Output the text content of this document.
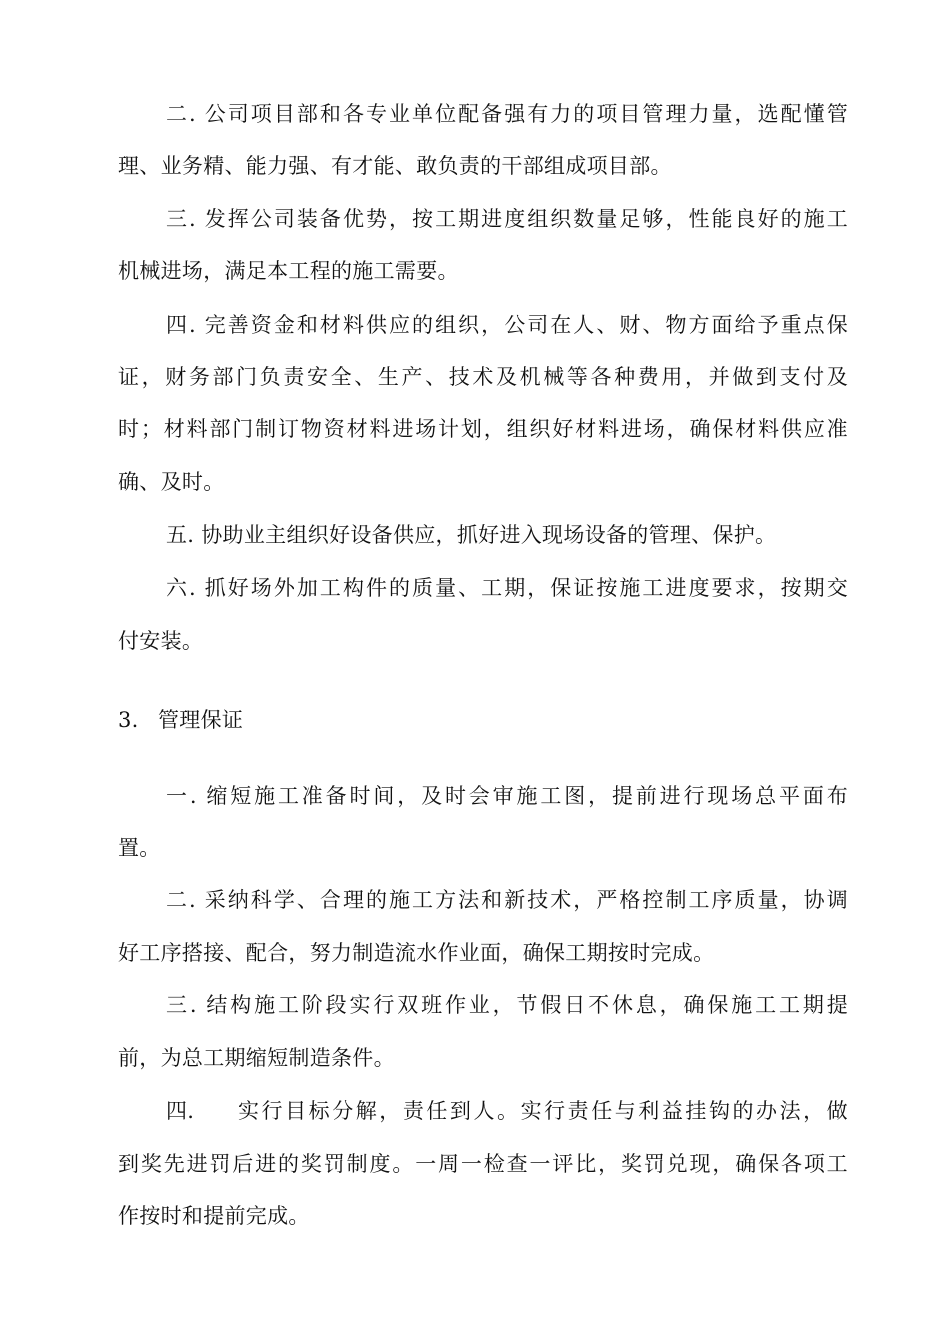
二. 公司项目部和各专业单位配备强有力的项目管理力量，选配懂管
理、业务精、能力强、有才能、敢负责的干部组成项目部。
三. 发挥公司装备优势，按工期进度组织数量足够，性能良好的施工
机械进场，满足本工程的施工需要。
四. 完善资金和材料供应的组织，公司在人、财、物方面给予重点保
证，财务部门负责安全、生产、技术及机械等各种费用，并做到支付及
时；材料部门制订物资材料进场计划，组织好材料进场，确保材料供应准
确、及时。
五. 协助业主组织好设备供应，抓好进入现场设备的管理、保护。
六. 抓好场外加工构件的质量、工期，保证按施工进度要求，按期交
付安装。
3. 管理保证
一. 缩短施工准备时间，及时会审施工图，提前进行现场总平面布
置。
二. 采纳科学、合理的施工方法和新技术，严格控制工序质量，协调
好工序搭接、配合，努力制造流水作业面，确保工期按时完成。
三. 结构施工阶段实行双班作业，节假日不休息，确保施工工期提
前，为总工期缩短制造条件。
四.	实行目标分解，责任到人。实行责任与利益挂钩的办法，做
到奖先进罚后进的奖罚制度。一周一检查一评比，奖罚兑现，确保各项工
作按时和提前完成。
